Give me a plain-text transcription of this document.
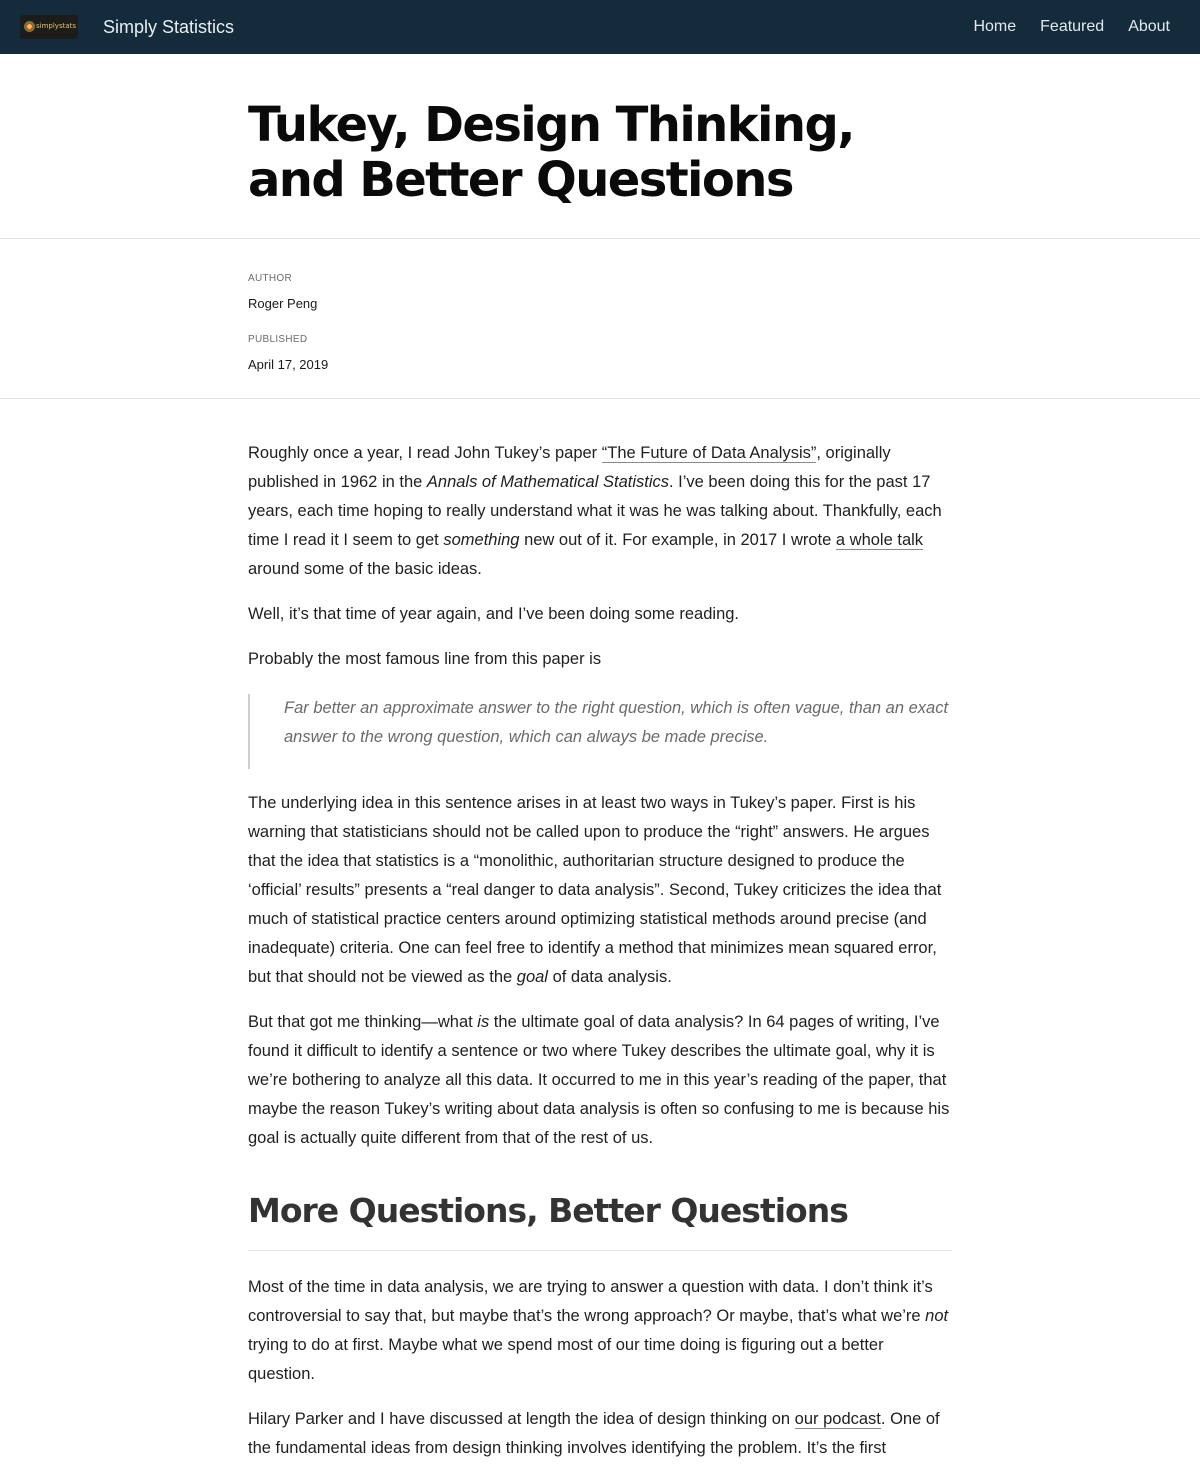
simplystats Simply Statistics	Home Featured About
Tukey, Design Thinking, and Better Questions
AUTHOR
Roger Peng
PUBLISHED
April 17, 2019

Roughly once a year, I read John Tukey’s paper “The Future of Data Analysis”, originally published in 1962 in the Annals of Mathematical Statistics. I’ve been doing this for the past 17 years, each time hoping to really understand what it was he was talking about. Thankfully, each time I read it I seem to get something new out of it. For example, in 2017 I wrote a whole talk around some of the basic ideas.

Well, it’s that time of year again, and I’ve been doing some reading.

Probably the most famous line from this paper is

Far better an approximate answer to the right question, which is often vague, than an exact answer to the wrong question, which can always be made precise.

The underlying idea in this sentence arises in at least two ways in Tukey’s paper. First is his warning that statisticians should not be called upon to produce the “right” answers. He argues that the idea that statistics is a “monolithic, authoritarian structure designed to produce the ‘official’ results” presents a “real danger to data analysis”. Second, Tukey criticizes the idea that much of statistical practice centers around optimizing statistical methods around precise (and inadequate) criteria. One can feel free to identify a method that minimizes mean squared error, but that should not be viewed as the goal of data analysis.

But that got me thinking—what is the ultimate goal of data analysis? In 64 pages of writing, I’ve found it difficult to identify a sentence or two where Tukey describes the ultimate goal, why it is we’re bothering to analyze all this data. It occurred to me in this year’s reading of the paper, that maybe the reason Tukey’s writing about data analysis is often so confusing to me is because his goal is actually quite different from that of the rest of us.

More Questions, Better Questions

Most of the time in data analysis, we are trying to answer a question with data. I don’t think it’s controversial to say that, but maybe that’s the wrong approach? Or maybe, that’s what we’re not trying to do at first. Maybe what we spend most of our time doing is figuring out a better question.

Hilary Parker and I have discussed at length the idea of design thinking on our podcast. One of the fundamental ideas from design thinking involves identifying the problem. It’s the first
